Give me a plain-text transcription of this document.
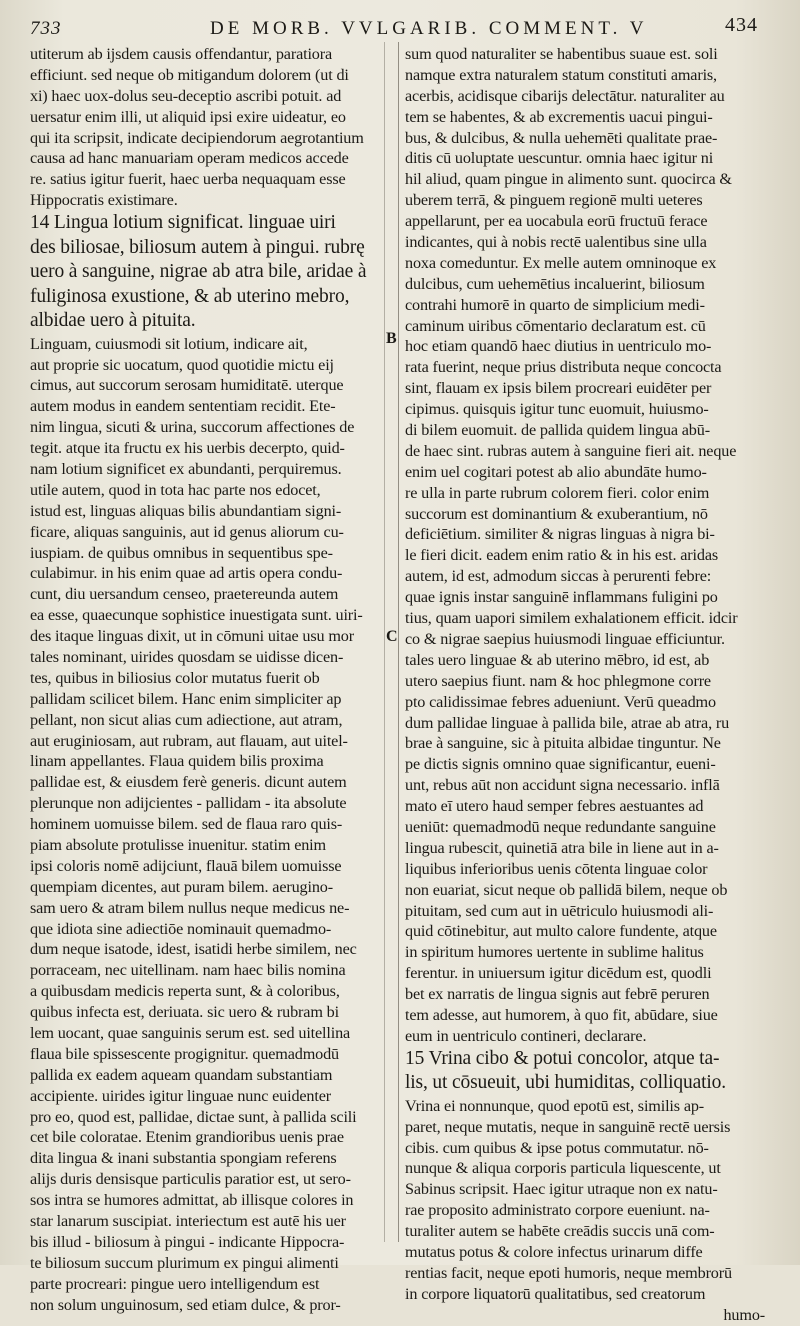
733	DE MORB. VVLGARIB. COMMENT. V	434
B
C
utiterum ab ijsdem causis offendantur, paratiora
efficiunt. sed neque ob mitigandum dolorem (ut di
xi) haec uox-dolus seu-deceptio ascribi potuit. ad
uersatur enim illi, ut aliquid ipsi exire uideatur, eo
qui ita scripsit, indicate decipiendorum aegrotantium
causa ad hanc manuariam operam medicos accede
re. satius igitur fuerit, haec uerba nequaquam esse
Hippocratis existimare.
14 Lingua lotium significat. linguae uiri
des biliosae, biliosum autem à pingui. rubrę
uero à sanguine, nigrae ab atra bile, aridae à
fuliginosa exustione, & ab uterino mebro,
albidae uero à pituita.
Linguam, cuiusmodi sit lotium, indicare ait,
aut proprie sic uocatum, quod quotidie mictu eij
cimus, aut succorum serosam humiditatē. uterque
autem modus in eandem sententiam recidit. Ete-
nim lingua, sicuti & urina, succorum affectiones de
tegit. atque ita fructu ex his uerbis decerpto, quid-
nam lotium significet ex abundanti, perquiremus.
utile autem, quod in tota hac parte nos edocet,
istud est, linguas aliquas bilis abundantiam signi-
ficare, aliquas sanguinis, aut id genus aliorum cu-
iuspiam. de quibus omnibus in sequentibus spe-
culabimur. in his enim quae ad artis opera condu-
cunt, diu uersandum censeo, praetereunda autem
ea esse, quaecunque sophistice inuestigata sunt. uiri-
des itaque linguas dixit, ut in cōmuni uitae usu mor
tales nominant, uirides quosdam se uidisse dicen-
tes, quibus in biliosius color mutatus fuerit ob
pallidam scilicet bilem. Hanc enim simpliciter ap
pellant, non sicut alias cum adiectione, aut atram,
aut eruginiosam, aut rubram, aut flauam, aut uitel-
linam appellantes. Flaua quidem bilis proxima
pallidae est, & eiusdem ferè generis. dicunt autem
plerunque non adijcientes - pallidam - ita absolute
hominem uomuisse bilem. sed de flaua raro quis-
piam absolute protulisse inuenitur. statim enim
ipsi coloris nomē adijciunt, flauā bilem uomuisse
quempiam dicentes, aut puram bilem. aerugino-
sam uero & atram bilem nullus neque medicus ne-
que idiota sine adiectiōe nominauit quemadmo-
dum neque isatode, idest, isatidi herbe similem, nec
porraceam, nec uitellinam. nam haec bilis nomina
a quibusdam medicis reperta sunt, & à coloribus,
quibus infecta est, deriuata. sic uero & rubram bi
lem uocant, quae sanguinis serum est. sed uitellina
flaua bile spissescente progignitur. quemadmodū
pallida ex eadem aqueam quandam substantiam
accipiente. uirides igitur linguae nunc euidenter
pro eo, quod est, pallidae, dictae sunt, à pallida scili
cet bile coloratae. Etenim grandioribus uenis prae
dita lingua & inani substantia spongiam referens
alijs duris densisque particulis paratior est, ut sero-
sos intra se humores admittat, ab illisque colores in
star lanarum suscipiat. interiectum est autē his uer
bis illud - biliosum à pingui - indicante Hippocra-
te biliosum succum plurimum ex pingui alimenti
parte procreari: pingue uero intelligendum est
non solum unguinosum, sed etiam dulce, & pror-
sum quod naturaliter se habentibus suaue est. soli
namque extra naturalem statum constituti amaris,
acerbis, acidisque cibarijs delectātur. naturaliter au
tem se habentes, & ab excrementis uacui pingui-
bus, & dulcibus, & nulla uehemēti qualitate prae-
ditis cū uoluptate uescuntur. omnia haec igitur ni
hil aliud, quam pingue in alimento sunt. quocirca &
uberem terrā, & pinguem regionē multi ueteres
appellarunt, per ea uocabula eorū fructuū ferace
indicantes, qui à nobis rectē ualentibus sine ulla
noxa comeduntur. Ex melle autem omninoque ex
dulcibus, cum uehemētius incaluerint, biliosum
contrahi humorē in quarto de simplicium medi-
caminum uiribus cōmentario declaratum est. cū
hoc etiam quandō haec diutius in uentriculo mo-
rata fuerint, neque prius distributa neque concocta
sint, flauam ex ipsis bilem procreari euidēter per
cipimus. quisquis igitur tunc euomuit, huiusmo-
di bilem euomuit. de pallida quidem lingua abū-
de haec sint. rubras autem à sanguine fieri ait. neque
enim uel cogitari potest ab alio abundāte humo-
re ulla in parte rubrum colorem fieri. color enim
succorum est dominantium & exuberantium, nō
deficiētium. similiter & nigras linguas à nigra bi-
le fieri dicit. eadem enim ratio & in his est. aridas
autem, id est, admodum siccas à perurenti febre:
quae ignis instar sanguinē inflammans fuligini po
tius, quam uapori similem exhalationem efficit. idcir
co & nigrae saepius huiusmodi linguae efficiuntur.
tales uero linguae & ab uterino mēbro, id est, ab
utero saepius fiunt. nam & hoc phlegmone corre
pto calidissimae febres adueniunt. Verū queadmo
dum pallidae linguae à pallida bile, atrae ab atra, ru
brae à sanguine, sic à pituita albidae tinguntur. Ne
pe dictis signis omnino quae significantur, eueni-
unt, rebus aūt non accidunt signa necessario. inflā
mato eī utero haud semper febres aestuantes ad
ueniūt: quemadmodū neque redundante sanguine
lingua rubescit, quinetiā atra bile in liene aut in a-
liquibus inferioribus uenis cōtenta linguae color
non euariat, sicut neque ob pallidā bilem, neque ob
pituitam, sed cum aut in uētriculo huiusmodi ali-
quid cōtinebitur, aut multo calore fundente, atque
in spiritum humores uertente in sublime halitus
ferentur. in uniuersum igitur dicēdum est, quodli
bet ex narratis de lingua signis aut febrē peruren
tem adesse, aut humorem, à quo fit, abūdare, siue
eum in uentriculo contineri, declarare.
15 Vrina cibo & potui concolor, atque ta-
lis, ut cōsueuit, ubi humiditas, colliquatio.
Vrina ei nonnunque, quod epotū est, similis ap-
paret, neque mutatis, neque in sanguinē rectē uersis
cibis. cum quibus & ipse potus commutatur. nō-
nunque & aliqua corporis particula liquescente, ut
Sabinus scripsit. Haec igitur utraque non ex natu-
rae proposito administrato corpore eueniunt. na-
turaliter autem se habēte creādis succis unā com-
mutatus potus & colore infectus urinarum diffe
rentias facit, neque epoti humoris, neque membrorū
in corpore liquatorū qualitatibus, sed creatorum
humo-
